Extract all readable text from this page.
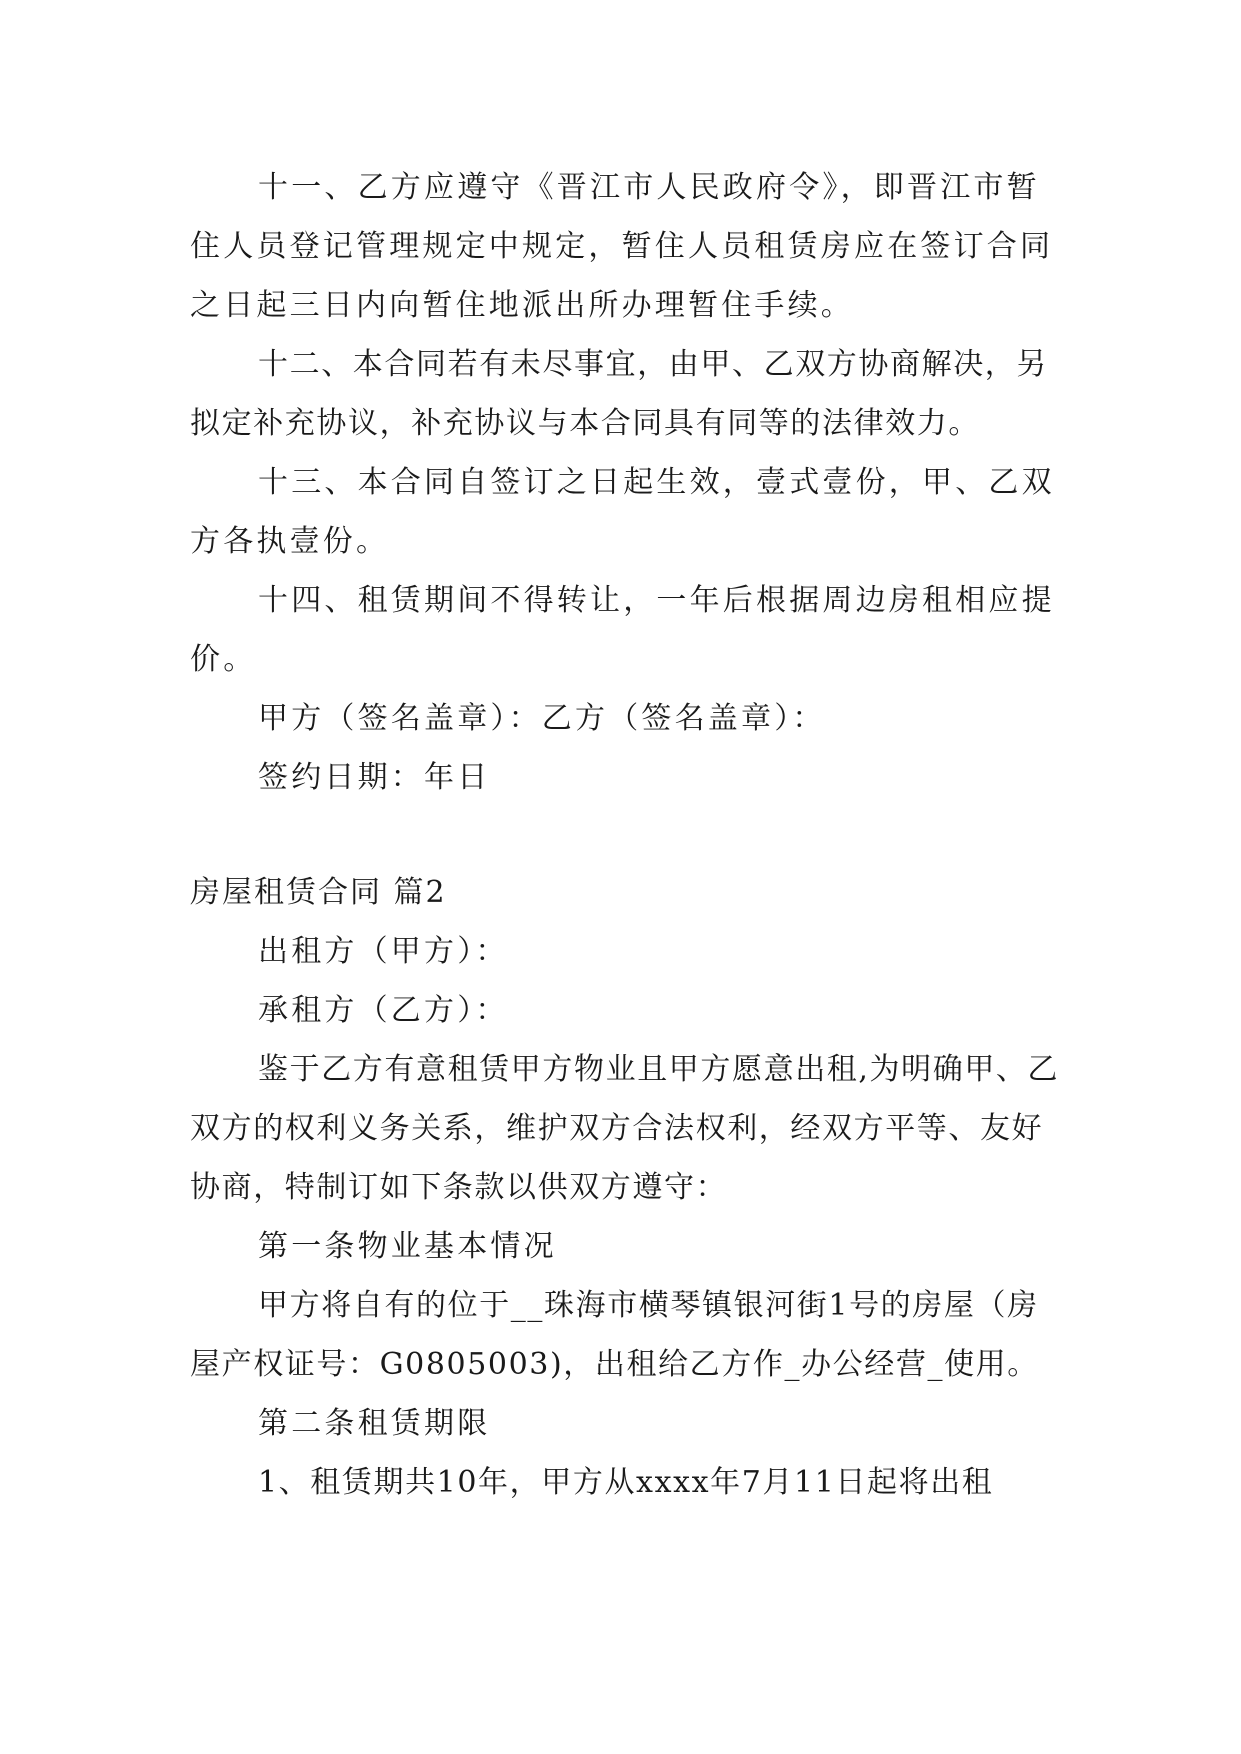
十一、乙方应遵守《晋江市人民政府令》，即晋江市暂住人员登记管理规定中规定，暂住人员租赁房应在签订合同之日起三日内向暂住地派出所办理暂住手续。

十二、本合同若有未尽事宜，由甲、乙双方协商解决，另拟定补充协议，补充协议与本合同具有同等的法律效力。

十三、本合同自签订之日起生效，壹式壹份，甲、乙双方各执壹份。

十四、租赁期间不得转让，一年后根据周边房租相应提价。

甲方（签名盖章）：乙方（签名盖章）：

签约日期：年日

房屋租赁合同 篇2

出租方（甲方）：

承租方（乙方）：

鉴于乙方有意租赁甲方物业且甲方愿意出租,为明确甲、乙双方的权利义务关系，维护双方合法权利，经双方平等、友好协商，特制订如下条款以供双方遵守：

第一条物业基本情况

甲方将自有的位于__珠海市横琴镇银河街1号的房屋（房屋产权证号：G0805003)，出租给乙方作_办公经营_使用。

第二条租赁期限

1、租赁期共10年，甲方从xxxx年7月11日起将出租
